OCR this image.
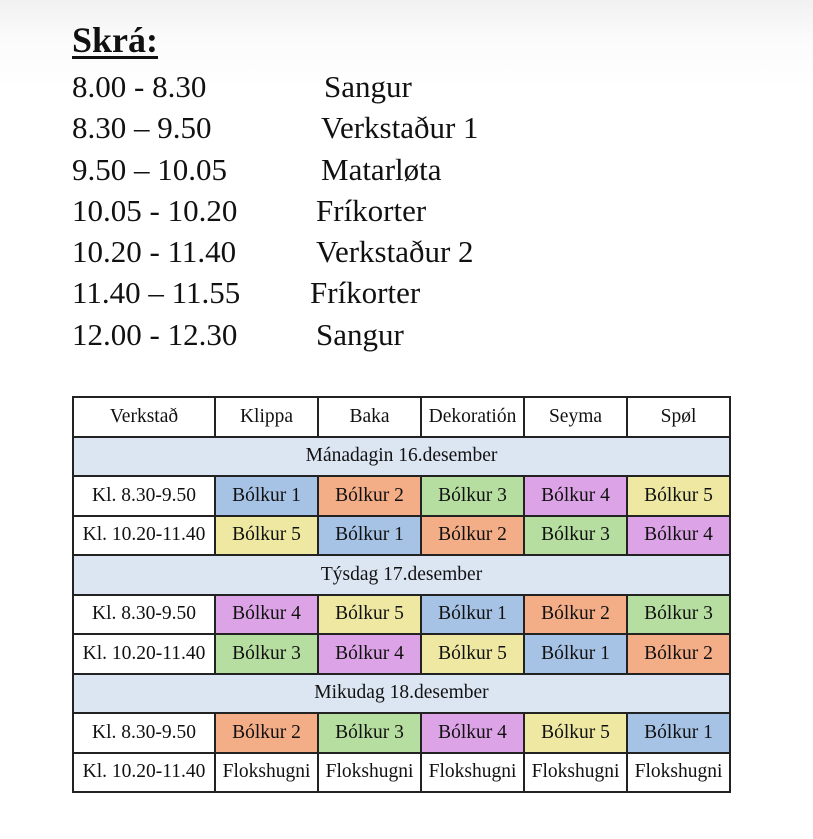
Skrá:
8.00 - 8.30	Sangur
8.30 – 9.50	Verkstaður 1
9.50 – 10.05	Matarløta
10.05 - 10.20	Fríkorter
10.20 - 11.40	Verkstaður 2
11.40 – 11.55 Fríkorter
12.00 - 12.30	Sangur
Verkstað	Klippa	Baka	Dekoratión	Seyma	Spøl
Mánadagin 16.desember					
Kl. 8.30-9.50	Bólkur 1	Bólkur 2	Bólkur 3	Bólkur 4	Bólkur 5
Kl. 10.20-11.40	Bólkur 5	Bólkur 1	Bólkur 2	Bólkur 3	Bólkur 4
Týsdag 17.desember					
Kl. 8.30-9.50	Bólkur 4	Bólkur 5	Bólkur 1	Bólkur 2	Bólkur 3
Kl. 10.20-11.40	Bólkur 3	Bólkur 4	Bólkur 5	Bólkur 1	Bólkur 2
Mikudag 18.desember					
Kl. 8.30-9.50	Bólkur 2	Bólkur 3	Bólkur 4	Bólkur 5	Bólkur 1
Kl. 10.20-11.40	Flokshugni	Flokshugni	Flokshugni	Flokshugni	Flokshugni
